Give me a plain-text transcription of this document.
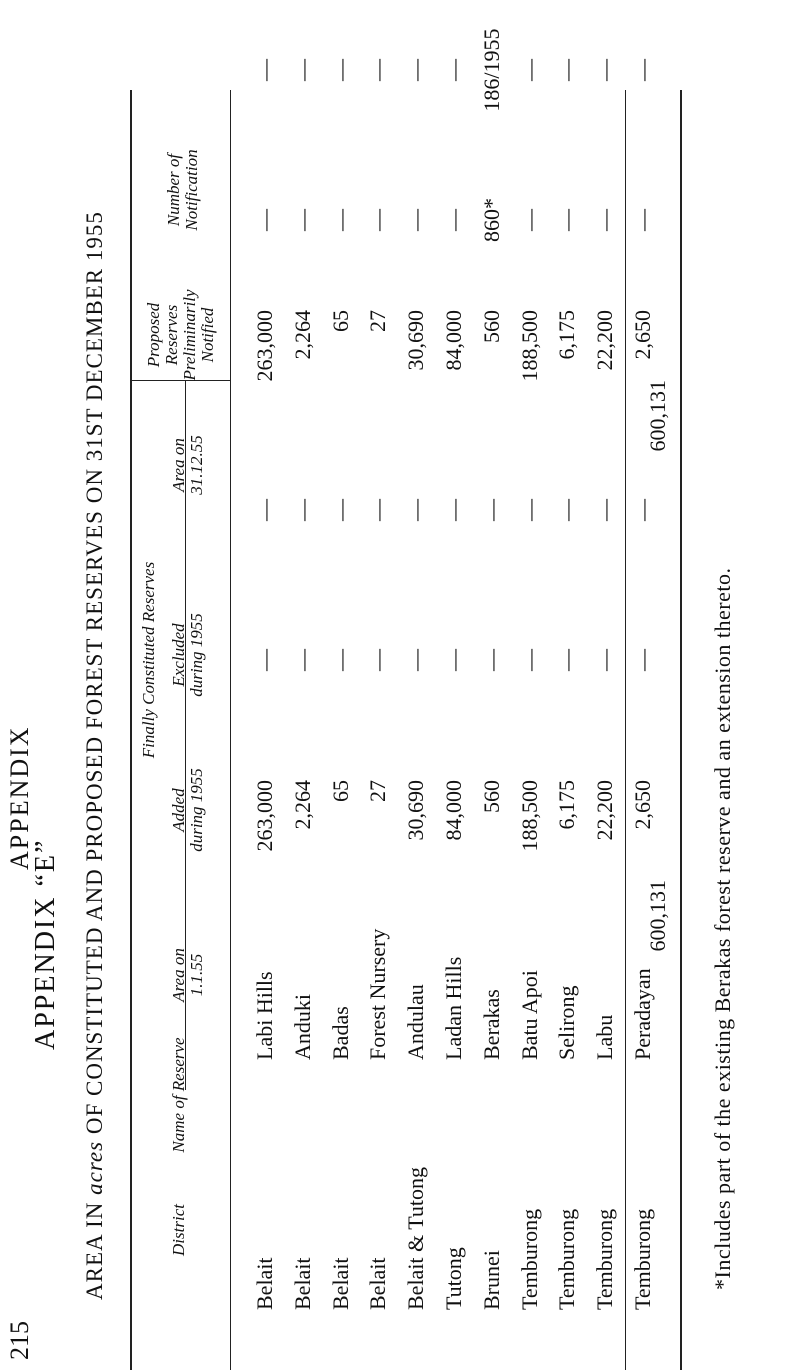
APPENDIX
215
APPENDIX “E”
AREA IN acres OF CONSTITUTED AND PROPOSED FOREST RESERVES ON 31ST DECEMBER 1955 Finally Constituted Reserves
Proposed Reserves Preliminarily Notified
District
Name of Reserve
Area on 1.1.55
Added during 1955
Excluded during 1955
Area on 31.12.55
Number of Notification
Belait
Labi Hills
263,000
—
—
263,000
—
—
Belait
Anduki
2,264
—
—
2,264
—
—
Belait
Badas
65
—
—
65
—
—
Belait
Forest Nursery
27
—
—
27
—
—
Belait & Tutong
Andulau
30,690
—
—
30,690
—
—
Tutong
Ladan Hills
84,000
—
—
84,000
—
—
Brunei
Berakas
560
—
—
560
860*
186/1955
Temburong
Batu Apoi
188,500
—
—
188,500
—
—
Temburong
Selirong
6,175
—
—
6,175
—
—
Temburong
Labu
22,200
—
—
22,200
—
—
Temburong
Peradayan
2,650
—
—
2,650
—
—
600,131
600,131
*Includes part of the existing Berakas forest reserve and an extension thereto.
